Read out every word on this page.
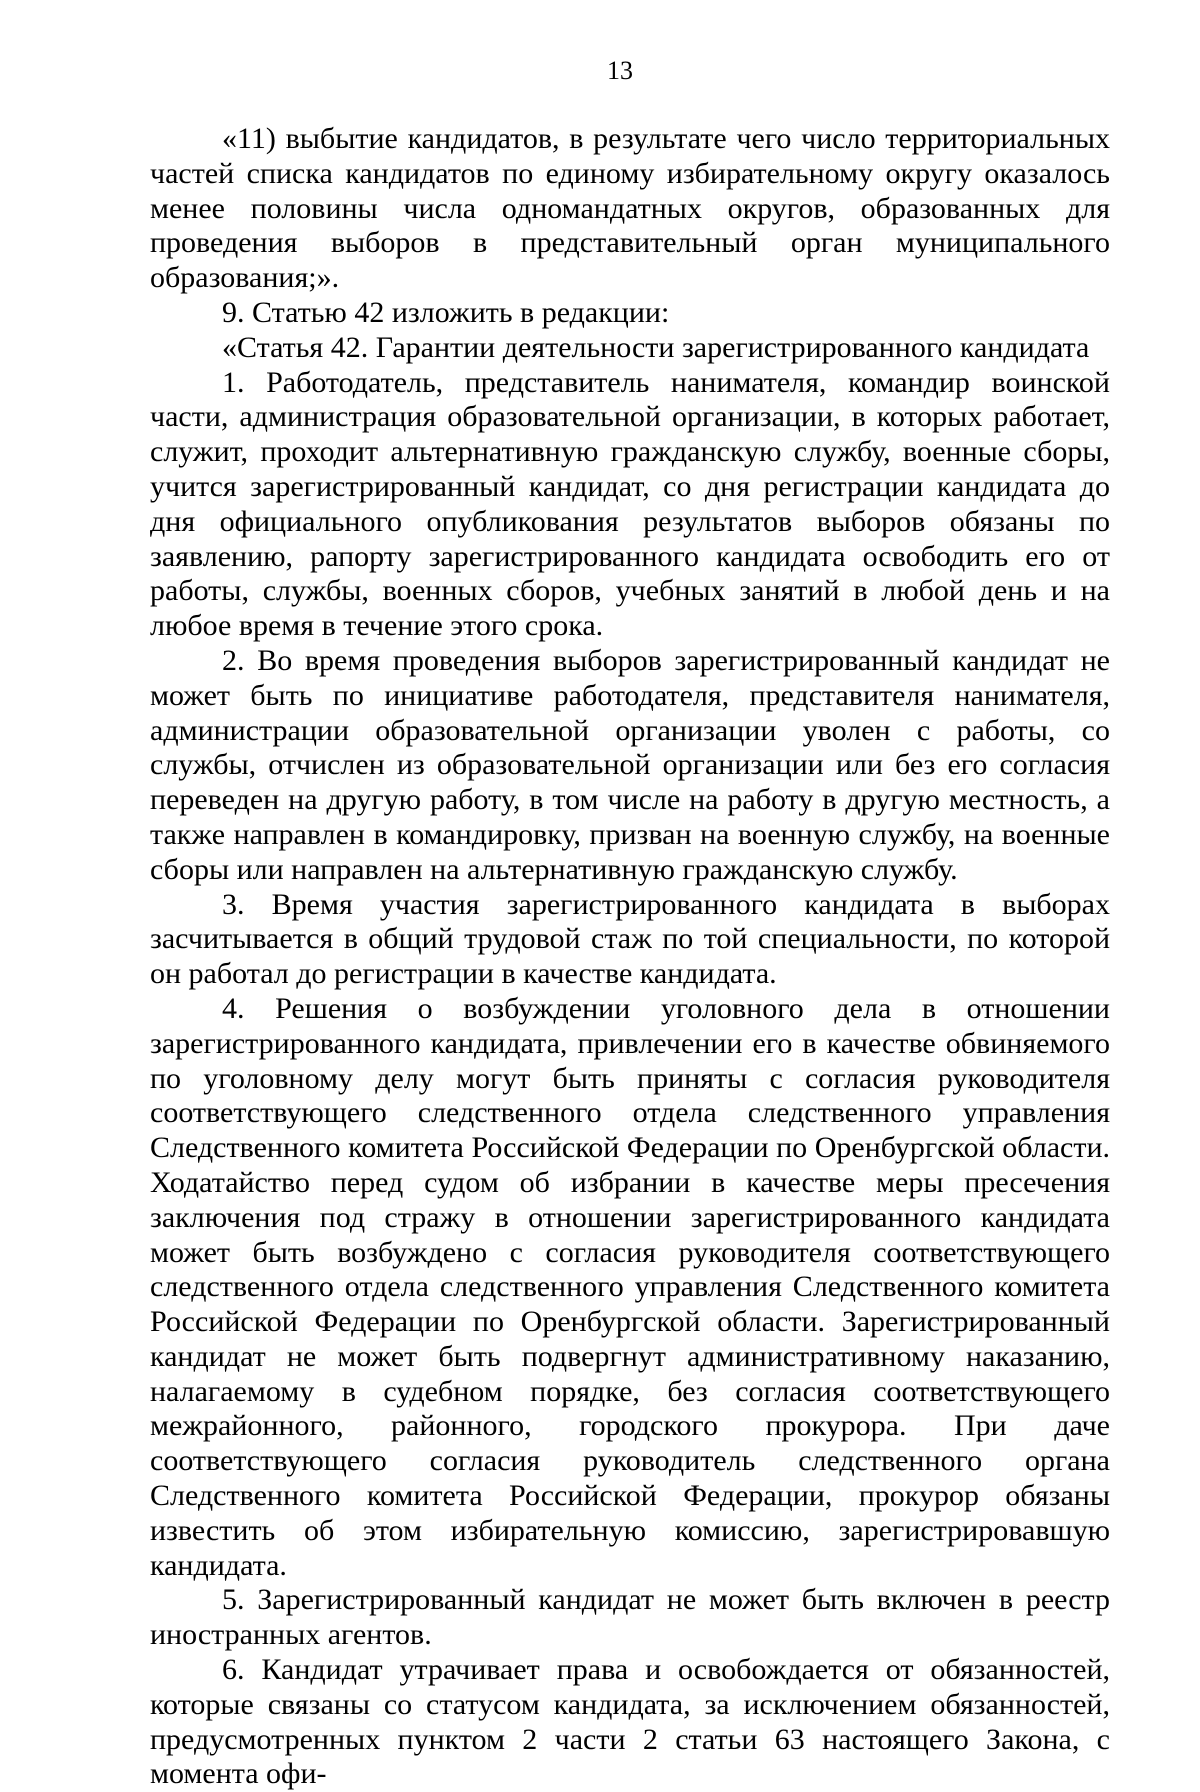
13

«11) выбытие кандидатов, в результате чего число территориальных частей списка кандидатов по единому избирательному округу оказалось менее половины числа одномандатных округов, образованных для проведения выборов в представительный орган муниципального образования;».

9. Статью 42 изложить в редакции:

«Статья 42. Гарантии деятельности зарегистрированного кандидата

1. Работодатель, представитель нанимателя, командир воинской части, администрация образовательной организации, в которых работает, служит, проходит альтернативную гражданскую службу, военные сборы, учится зарегистрированный кандидат, со дня регистрации кандидата до дня официального опубликования результатов выборов обязаны по заявлению, рапорту зарегистрированного кандидата освободить его от работы, службы, военных сборов, учебных занятий в любой день и на любое время в течение этого срока.

2. Во время проведения выборов зарегистрированный кандидат не может быть по инициативе работодателя, представителя нанимателя, администрации образовательной организации уволен с работы, со службы, отчислен из образовательной организации или без его согласия переведен на другую работу, в том числе на работу в другую местность, а также направлен в командировку, призван на военную службу, на военные сборы или направлен на альтернативную гражданскую службу.

3. Время участия зарегистрированного кандидата в выборах засчитывается в общий трудовой стаж по той специальности, по которой он работал до регистрации в качестве кандидата.

4. Решения о возбуждении уголовного дела в отношении зарегистрированного кандидата, привлечении его в качестве обвиняемого по уголовному делу могут быть приняты с согласия руководителя соответствующего следственного отдела следственного управления Следственного комитета Российской Федерации по Оренбургской области. Ходатайство перед судом об избрании в качестве меры пресечения заключения под стражу в отношении зарегистрированного кандидата может быть возбуждено с согласия руководителя соответствующего следственного отдела следственного управления Следственного комитета Российской Федерации по Оренбургской области. Зарегистрированный кандидат не может быть подвергнут административному наказанию, налагаемому в судебном порядке, без согласия соответствующего межрайонного, районного, городского прокурора. При даче соответствующего согласия руководитель следственного органа Следственного комитета Российской Федерации, прокурор обязаны известить об этом избирательную комиссию, зарегистрировавшую кандидата.

5. Зарегистрированный кандидат не может быть включен в реестр иностранных агентов.

6. Кандидат утрачивает права и освобождается от обязанностей, которые связаны со статусом кандидата, за исключением обязанностей, предусмотренных пунктом 2 части 2 статьи 63 настоящего Закона, с момента офи-
